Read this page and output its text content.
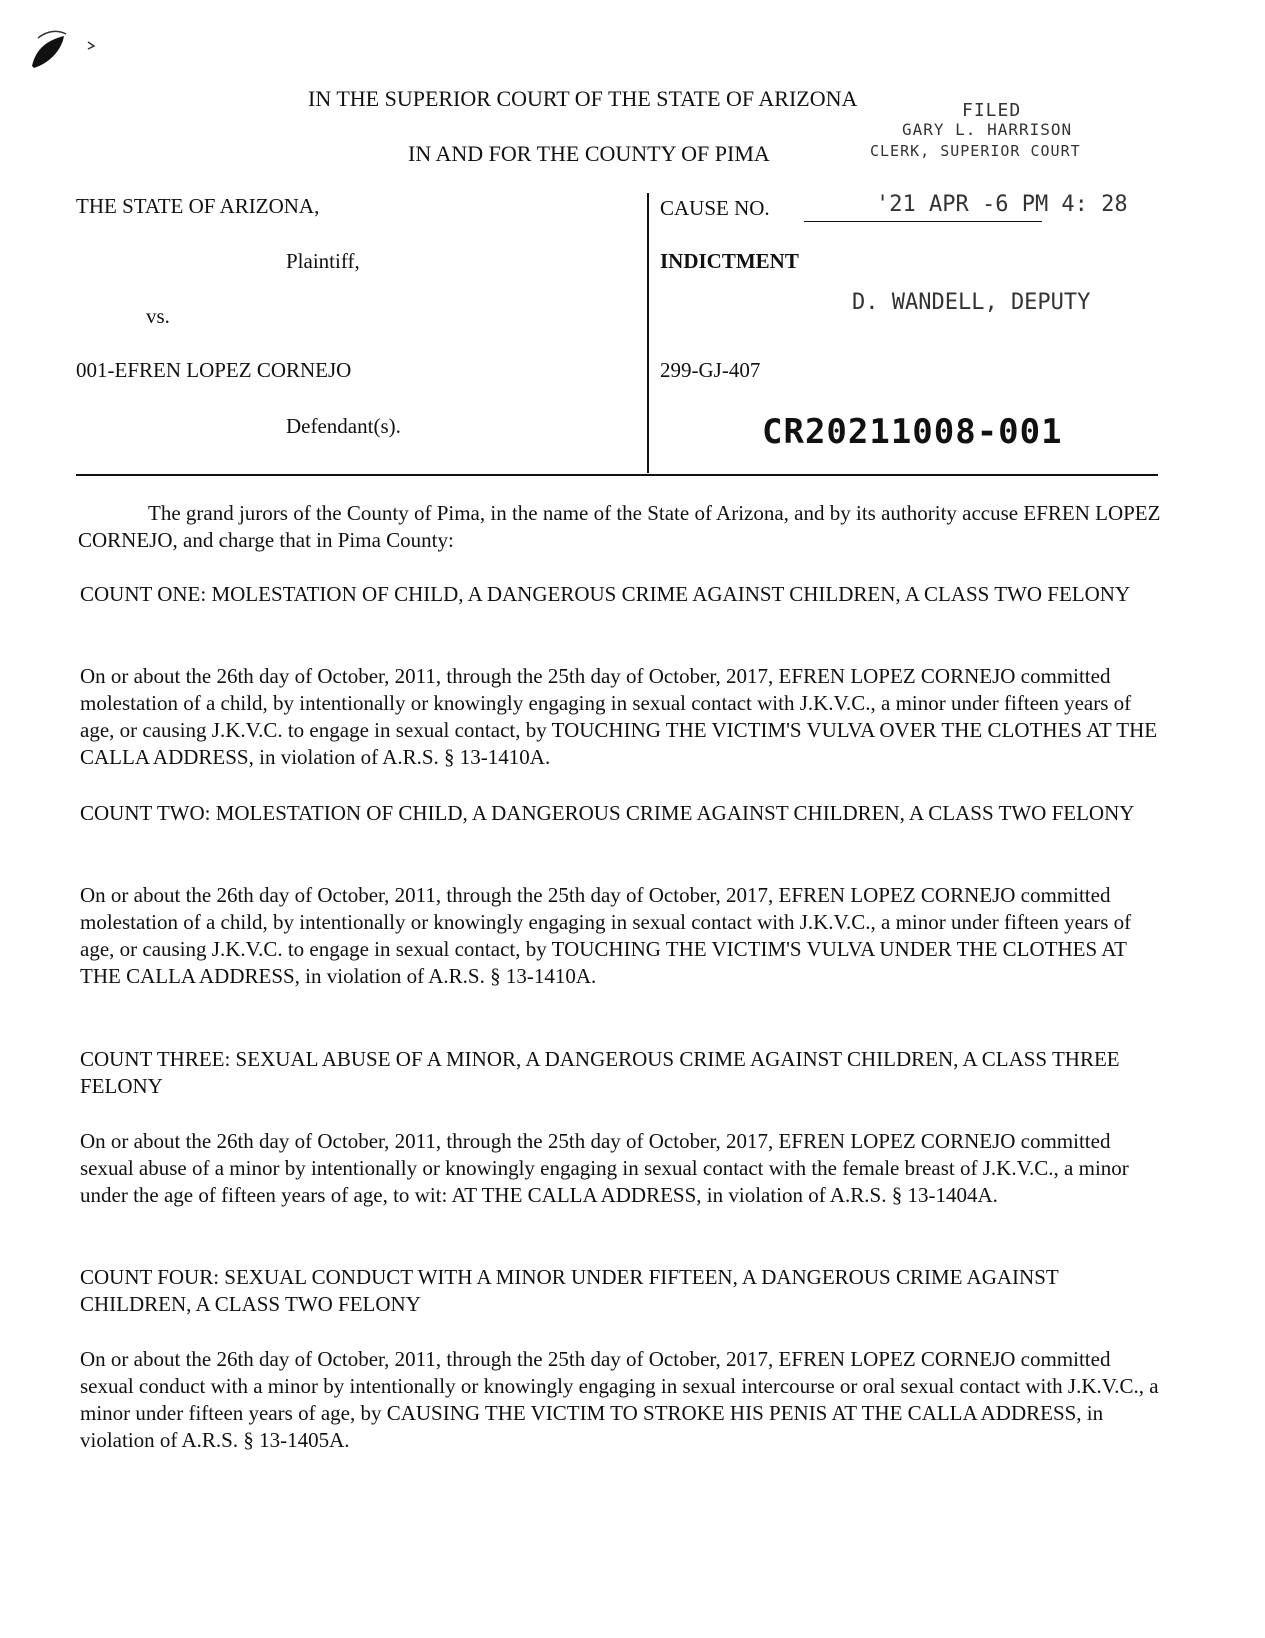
IN THE SUPERIOR COURT OF THE STATE OF ARIZONA
IN AND FOR THE COUNTY OF PIMA
FILED
GARY L. HARRISON
CLERK, SUPERIOR COURT
THE STATE OF ARIZONA,
Plaintiff,
vs.
001-EFREN LOPEZ CORNEJO
Defendant(s).
CAUSE NO.	'21 APR -6 PM 4: 28
INDICTMENT
D. WANDELL, DEPUTY
299-GJ-407
CR20211008-001
The grand jurors of the County of Pima, in the name of the State of Arizona, and by its authority accuse EFREN LOPEZ CORNEJO, and charge that in Pima County:
COUNT ONE: MOLESTATION OF CHILD, A DANGEROUS CRIME AGAINST CHILDREN, A CLASS TWO FELONY
On or about the 26th day of October, 2011, through the 25th day of October, 2017, EFREN LOPEZ CORNEJO committed molestation of a child, by intentionally or knowingly engaging in sexual contact with J.K.V.C., a minor under fifteen years of age, or causing J.K.V.C. to engage in sexual contact, by TOUCHING THE VICTIM'S VULVA OVER THE CLOTHES AT THE CALLA ADDRESS, in violation of A.R.S. § 13-1410A.
COUNT TWO: MOLESTATION OF CHILD, A DANGEROUS CRIME AGAINST CHILDREN, A CLASS TWO FELONY
On or about the 26th day of October, 2011, through the 25th day of October, 2017, EFREN LOPEZ CORNEJO committed molestation of a child, by intentionally or knowingly engaging in sexual contact with J.K.V.C., a minor under fifteen years of age, or causing J.K.V.C. to engage in sexual contact, by TOUCHING THE VICTIM'S VULVA UNDER THE CLOTHES AT THE CALLA ADDRESS, in violation of A.R.S. § 13-1410A.
COUNT THREE: SEXUAL ABUSE OF A MINOR, A DANGEROUS CRIME AGAINST CHILDREN, A CLASS THREE FELONY
On or about the 26th day of October, 2011, through the 25th day of October, 2017, EFREN LOPEZ CORNEJO committed sexual abuse of a minor by intentionally or knowingly engaging in sexual contact with the female breast of J.K.V.C., a minor under the age of fifteen years of age, to wit: AT THE CALLA ADDRESS, in violation of A.R.S. § 13-1404A.
COUNT FOUR: SEXUAL CONDUCT WITH A MINOR UNDER FIFTEEN, A DANGEROUS CRIME AGAINST CHILDREN, A CLASS TWO FELONY
On or about the 26th day of October, 2011, through the 25th day of October, 2017, EFREN LOPEZ CORNEJO committed sexual conduct with a minor by intentionally or knowingly engaging in sexual intercourse or oral sexual contact with J.K.V.C., a minor under fifteen years of age, by CAUSING THE VICTIM TO STROKE HIS PENIS AT THE CALLA ADDRESS, in violation of A.R.S. § 13-1405A.
